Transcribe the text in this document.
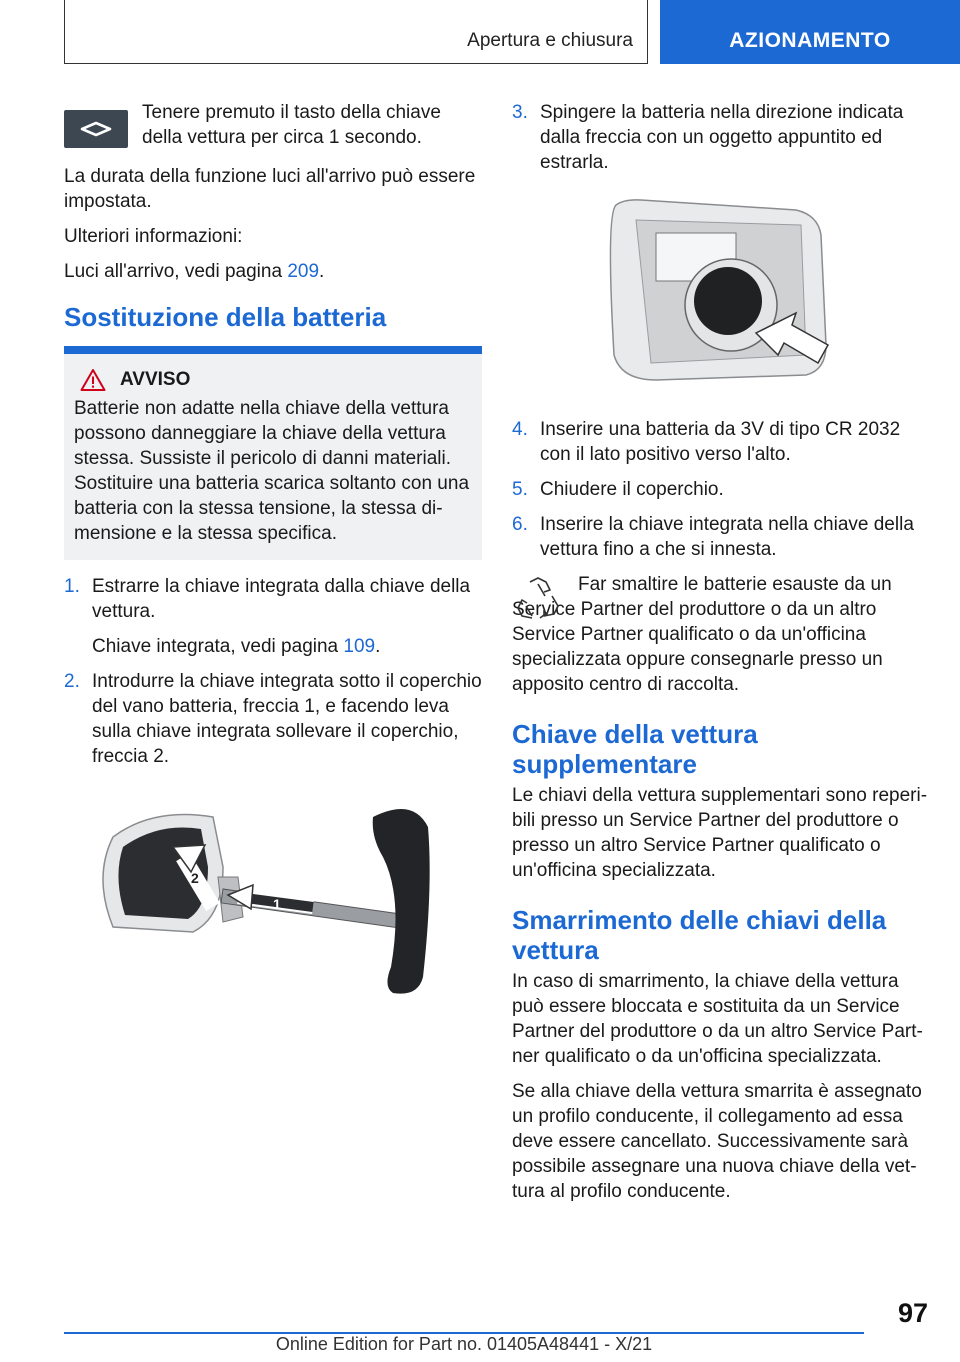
Apertura e chiusura	AZIONAMENTO

Tenere premuto il tasto della chiave della vettura per circa 1 secondo.

La durata della funzione luci all'arrivo può essere impostata.

Ulteriori informazioni:

Luci all'arrivo, vedi pagina 209.

Sostituzione della batteria
AVVISO

Batterie non adatte nella chiave della vettura possono danneggiare la chiave della vettura stessa. Sussiste il pericolo di danni materiali. Sostituire una batteria scarica soltanto con una batteria con la stessa tensione, la stessa dimensione e la stessa specifica.

1. Estrarre la chiave integrata dalla chiave della vettura.

Chiave integrata, vedi pagina 109.

2. Introdurre la chiave integrata sotto il coperchio del vano batteria, freccia 1, e facendo leva sulla chiave integrata sollevare il coperchio, freccia 2.

1
2
3. Spingere la batteria nella direzione indicata dalla freccia con un oggetto appuntito ed estrarla.

4. Inserire una batteria da 3V di tipo CR 2032 con il lato positivo verso l'alto.

5. Chiudere il coperchio.

6. Inserire la chiave integrata nella chiave della vettura fino a che si innesta.

Far smaltire le batterie esauste da un Service Partner del produttore o da un altro Service Partner qualificato o da un'officina specializzata oppure consegnarle presso un apposito centro di raccolta.

Chiave della vettura supplementare

Le chiavi della vettura supplementari sono reperibili presso un Service Partner del produttore o presso un altro Service Partner qualificato o un'officina specializzata.

Smarrimento delle chiavi della vettura

In caso di smarrimento, la chiave della vettura può essere bloccata e sostituita da un Service Partner del produttore o da un altro Service Partner qualificato o da un'officina specializzata.

Se alla chiave della vettura smarrita è assegnato un profilo conducente, il collegamento ad essa deve essere cancellato. Successivamente sarà possibile assegnare una nuova chiave della vettura al profilo conducente.

97
Online Edition for Part no. 01405A48441 - X/21
